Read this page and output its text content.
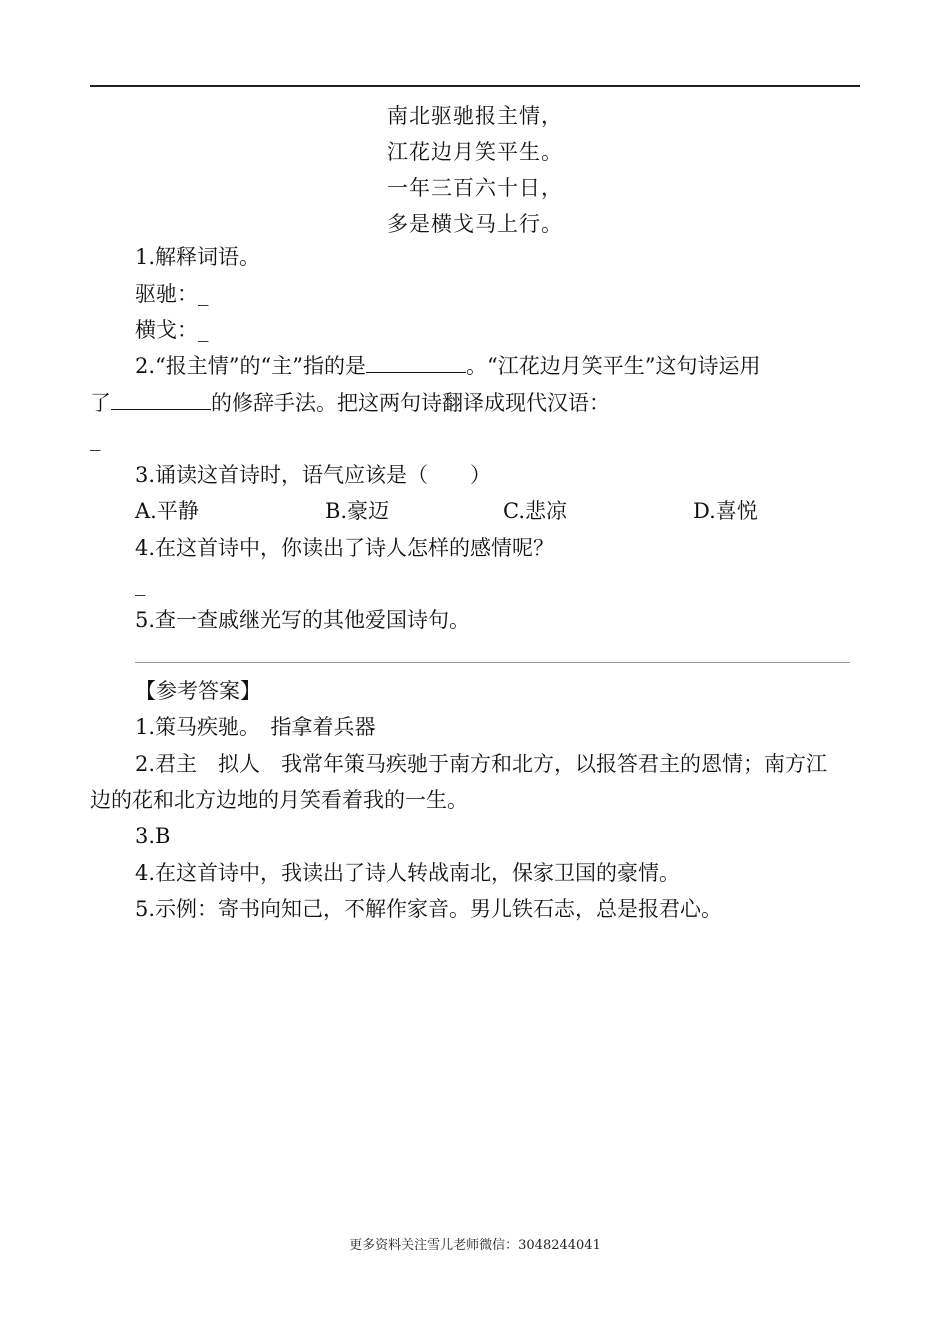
南北驱驰报主情，
江花边月笑平生。
一年三百六十日，
多是横戈马上行。
1.解释词语。
驱驰：_
横戈：_
2.“报主情”的“主”指的是	。“江花边月笑平生”这句诗运用
了	的修辞手法。把这两句诗翻译成现代汉语：
_
3.诵读这首诗时，语气应该是（　　）
A.平静	B.豪迈	C.悲凉	D.喜悦
4.在这首诗中，你读出了诗人怎样的感情呢？
_
5.查一查戚继光写的其他爱国诗句。
【参考答案】
1.策马疾驰。　指拿着兵器
2.君主　拟人　我常年策马疾驰于南方和北方，以报答君主的恩情；南方江
边的花和北方边地的月笑看着我的一生。
3.B
4.在这首诗中，我读出了诗人转战南北，保家卫国的豪情。
5.示例：寄书向知己，不解作家音。男儿铁石志，总是报君心。
更多资料关注雪儿老师微信：3048244041
